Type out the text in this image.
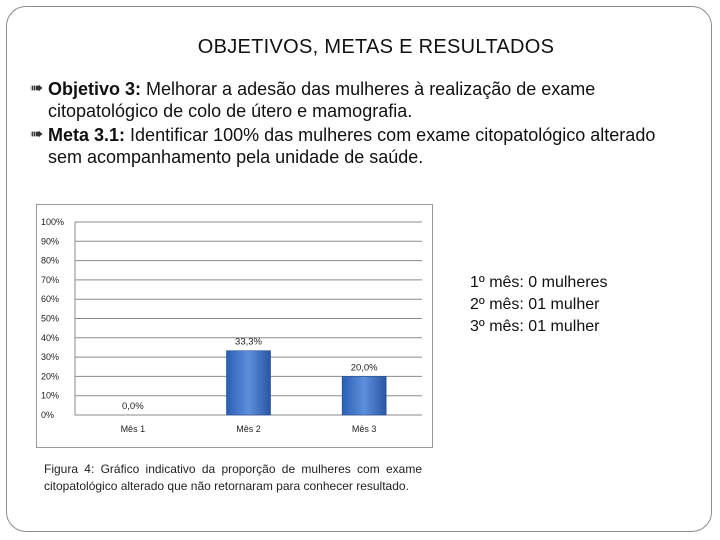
OBJETIVOS, METAS E RESULTADOS
➠ Objetivo 3: Melhorar a adesão das mulheres à realização de exame citopatológico de colo de útero e mamografia.
➠ Meta 3.1: Identificar 100% das mulheres com exame citopatológico alterado sem acompanhamento pela unidade de saúde.
0%
10%
20%
30%
40%
50%
60%
70%
80%
90%
100%
0,0%
Mês 1
33,3%
Mês 2
20,0%
Mês 3
1º mês: 0 mulheres
2º mês: 01 mulher
3º mês: 01 mulher
Figura 4: Gráfico indicativo da proporção de mulheres com exame citopatológico alterado que não retornaram para conhecer resultado.
